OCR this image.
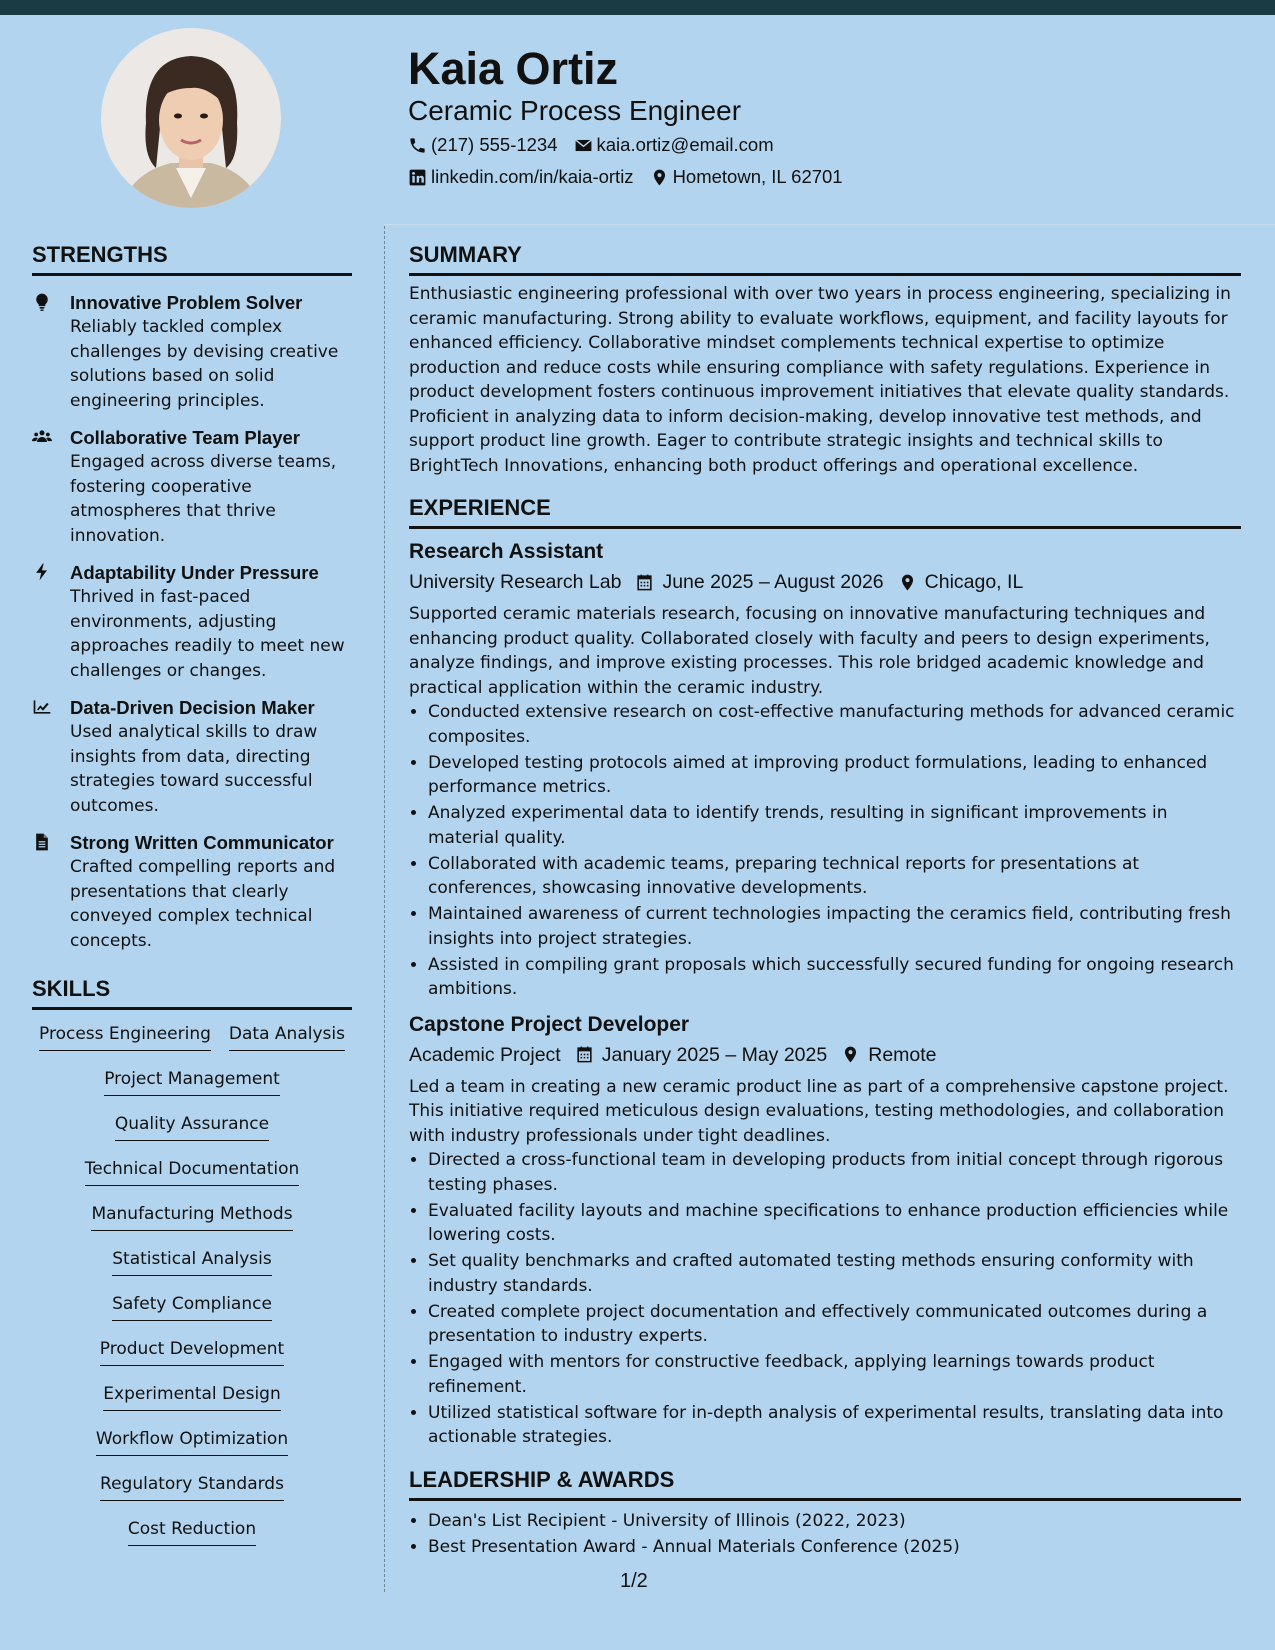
Kaia Ortiz
Ceramic Process Engineer
(217) 555-1234 kaia.ortiz@email.com
linkedin.com/in/kaia-ortiz Hometown, IL 62701
STRENGTHS
Innovative Problem Solver
Reliably tackled complex challenges by devising creative solutions based on solid engineering principles.
Collaborative Team Player
Engaged across diverse teams, fostering cooperative atmospheres that thrive innovation.
Adaptability Under Pressure
Thrived in fast-paced environments, adjusting approaches readily to meet new challenges or changes.
Data-Driven Decision Maker
Used analytical skills to draw insights from data, directing strategies toward successful outcomes.
Strong Written Communicator
Crafted compelling reports and presentations that clearly conveyed complex technical concepts.
SKILLS
Process Engineering Data Analysis
Project Management
Quality Assurance
Technical Documentation
Manufacturing Methods
Statistical Analysis
Safety Compliance
Product Development
Experimental Design
Workflow Optimization
Regulatory Standards
Cost Reduction
SUMMARY

Enthusiastic engineering professional with over two years in process engineering, specializing in ceramic manufacturing. Strong ability to evaluate workflows, equipment, and facility layouts for enhanced efficiency. Collaborative mindset complements technical expertise to optimize production and reduce costs while ensuring compliance with safety regulations. Experience in product development fosters continuous improvement initiatives that elevate quality standards. Proficient in analyzing data to inform decision-making, develop innovative test methods, and support product line growth. Eager to contribute strategic insights and technical skills to BrightTech Innovations, enhancing both product offerings and operational excellence.

EXPERIENCE
Research Assistant
University Research Lab June 2025 – August 2026 Chicago, IL

Supported ceramic materials research, focusing on innovative manufacturing techniques and enhancing product quality. Collaborated closely with faculty and peers to design experiments, analyze findings, and improve existing processes. This role bridged academic knowledge and practical application within the ceramic industry.

• Conducted extensive research on cost-effective manufacturing methods for advanced ceramic composites.
• Developed testing protocols aimed at improving product formulations, leading to enhanced performance metrics.
• Analyzed experimental data to identify trends, resulting in significant improvements in material quality.
• Collaborated with academic teams, preparing technical reports for presentations at conferences, showcasing innovative developments.
• Maintained awareness of current technologies impacting the ceramics field, contributing fresh insights into project strategies.
• Assisted in compiling grant proposals which successfully secured funding for ongoing research ambitions.
Capstone Project Developer
Academic Project January 2025 – May 2025 Remote

Led a team in creating a new ceramic product line as part of a comprehensive capstone project. This initiative required meticulous design evaluations, testing methodologies, and collaboration with industry professionals under tight deadlines.

• Directed a cross-functional team in developing products from initial concept through rigorous testing phases.
• Evaluated facility layouts and machine specifications to enhance production efficiencies while lowering costs.
• Set quality benchmarks and crafted automated testing methods ensuring conformity with industry standards.
• Created complete project documentation and effectively communicated outcomes during a presentation to industry experts.
• Engaged with mentors for constructive feedback, applying learnings towards product refinement.
• Utilized statistical software for in-depth analysis of experimental results, translating data into actionable strategies.
LEADERSHIP & AWARDS
• Dean's List Recipient - University of Illinois (2022, 2023)
• Best Presentation Award - Annual Materials Conference (2025)
1/2
